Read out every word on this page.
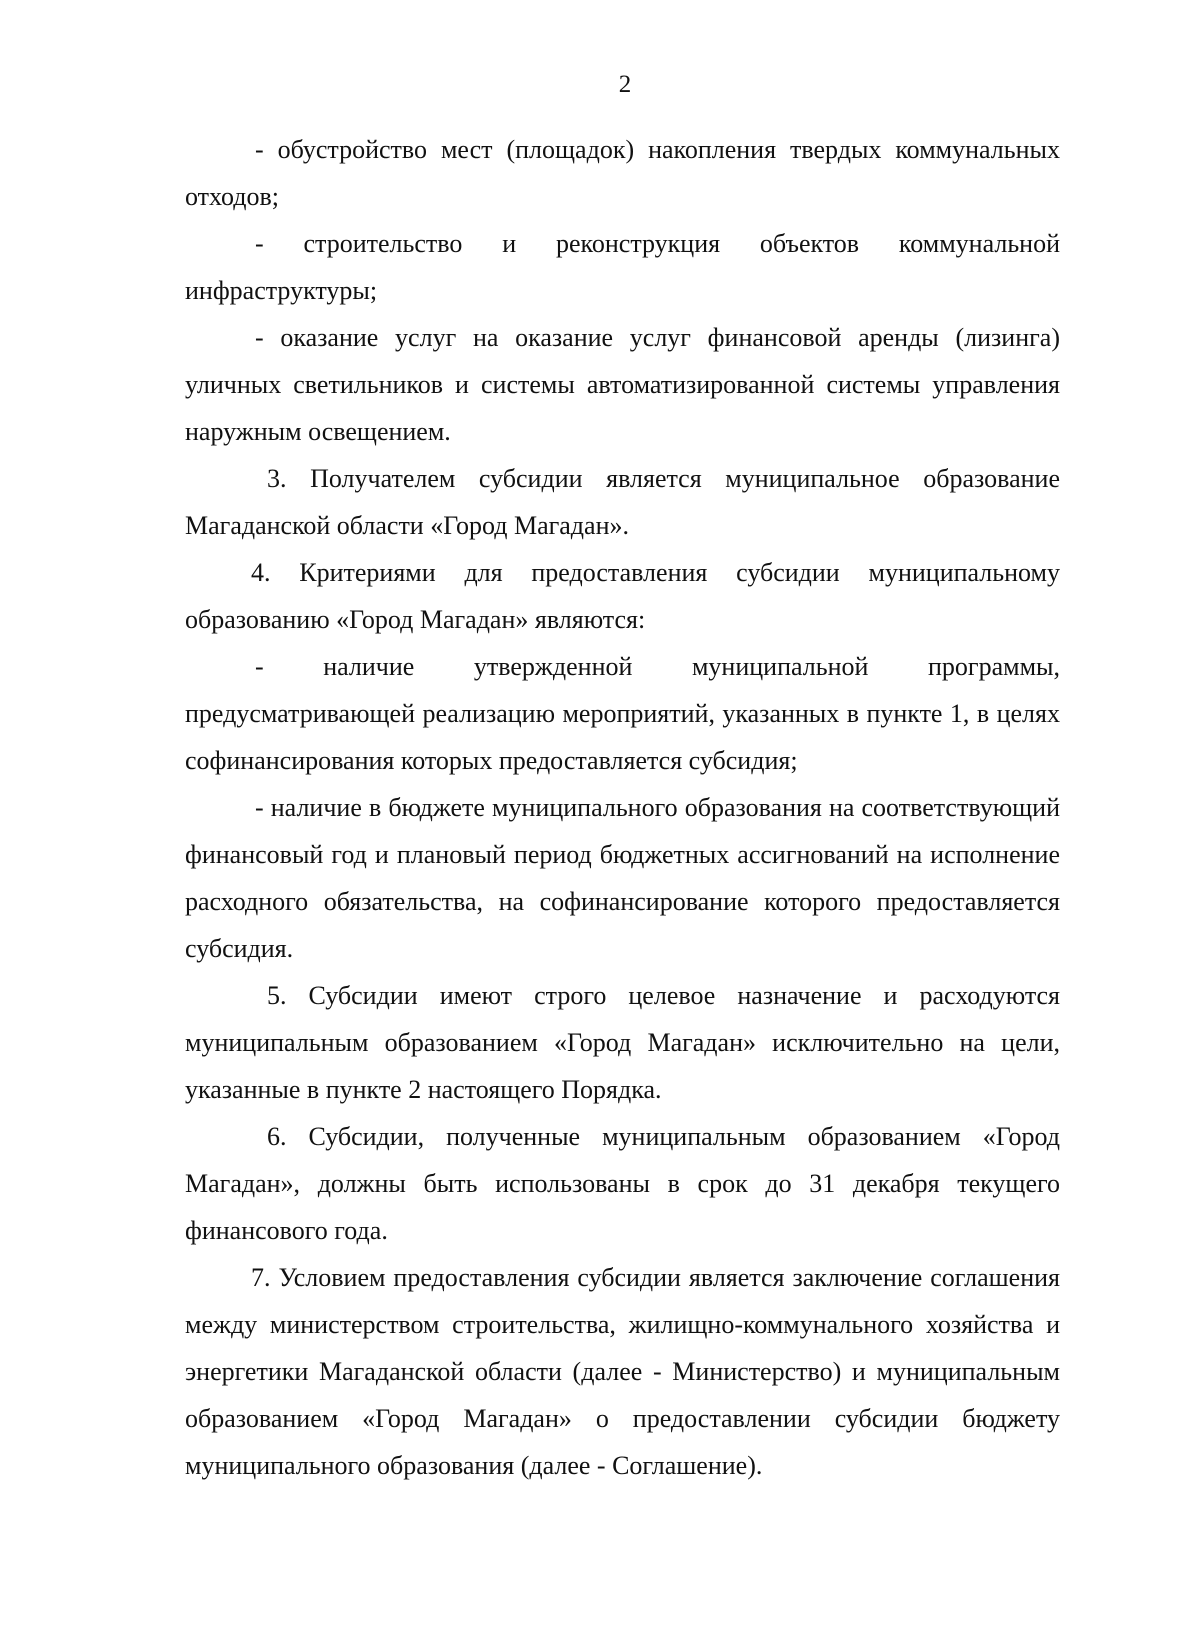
2

- обустройство мест (площадок) накопления твердых коммунальных отходов;

- строительство и реконструкция объектов коммунальной инфраструктуры;

- оказание услуг на оказание услуг финансовой аренды (лизинга) уличных светильников и системы автоматизированной системы управления наружным освещением.

3. Получателем субсидии является муниципальное образование Магаданской области «Город Магадан».

4. Критериями для предоставления субсидии муниципальному образованию «Город Магадан» являются:

- наличие утвержденной муниципальной программы, предусматривающей реализацию мероприятий, указанных в пункте 1, в целях софинансирования которых предоставляется субсидия;

- наличие в бюджете муниципального образования на соответствующий финансовый год и плановый период бюджетных ассигнований на исполнение расходного обязательства, на софинансирование которого предоставляется субсидия.

5. Субсидии имеют строго целевое назначение и расходуются муниципальным образованием «Город Магадан» исключительно на цели, указанные в пункте 2 настоящего Порядка.

6. Субсидии, полученные муниципальным образованием «Город Магадан», должны быть использованы в срок до 31 декабря текущего финансового года.

7. Условием предоставления субсидии является заключение соглашения между министерством строительства, жилищно-коммунального хозяйства и энергетики Магаданской области (далее - Министерство) и муниципальным образованием «Город Магадан» о предоставлении субсидии бюджету муниципального образования (далее - Соглашение).
